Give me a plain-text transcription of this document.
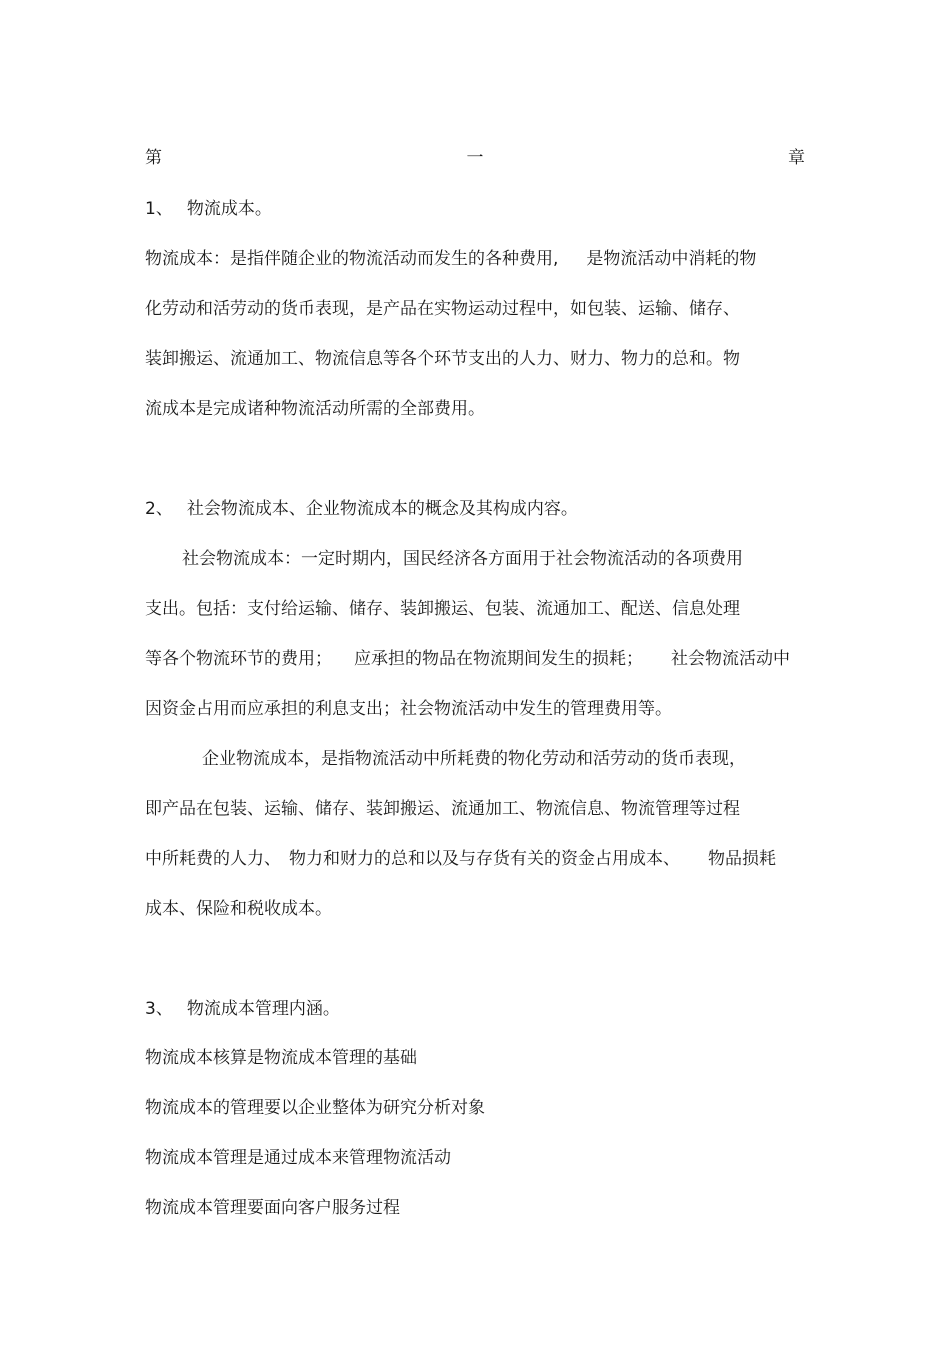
第	一	章
1、 物流成本。
物流成本：是指伴随企业的物流活动而发生的各种费用, 是物流活动中消耗的物
化劳动和活劳动的货币表现，是产品在实物运动过程中，如包装、运输、储存、
装卸搬运、流通加工、物流信息等各个环节支出的人力、财力、物力的总和。物
流成本是完成诸种物流活动所需的全部费用。
2、 社会物流成本、企业物流成本的概念及其构成内容。
社会物流成本：一定时期内，国民经济各方面用于社会物流活动的各项费用
支出。包括：支付给运输、储存、装卸搬运、包装、流通加工、配送、信息处理
等各个物流环节的费用； 应承担的物品在物流期间发生的损耗； 社会物流活动中
因资金占用而应承担的利息支出；社会物流活动中发生的管理费用等。
企业物流成本，是指物流活动中所耗费的物化劳动和活劳动的货币表现，
即产品在包装、运输、储存、装卸搬运、流通加工、物流信息、物流管理等过程
中所耗费的人力、 物力和财力的总和以及与存货有关的资金占用成本、 物品损耗
成本、保险和税收成本。
3、 物流成本管理内涵。
物流成本核算是物流成本管理的基础
物流成本的管理要以企业整体为研究分析对象
物流成本管理是通过成本来管理物流活动
物流成本管理要面向客户服务过程
